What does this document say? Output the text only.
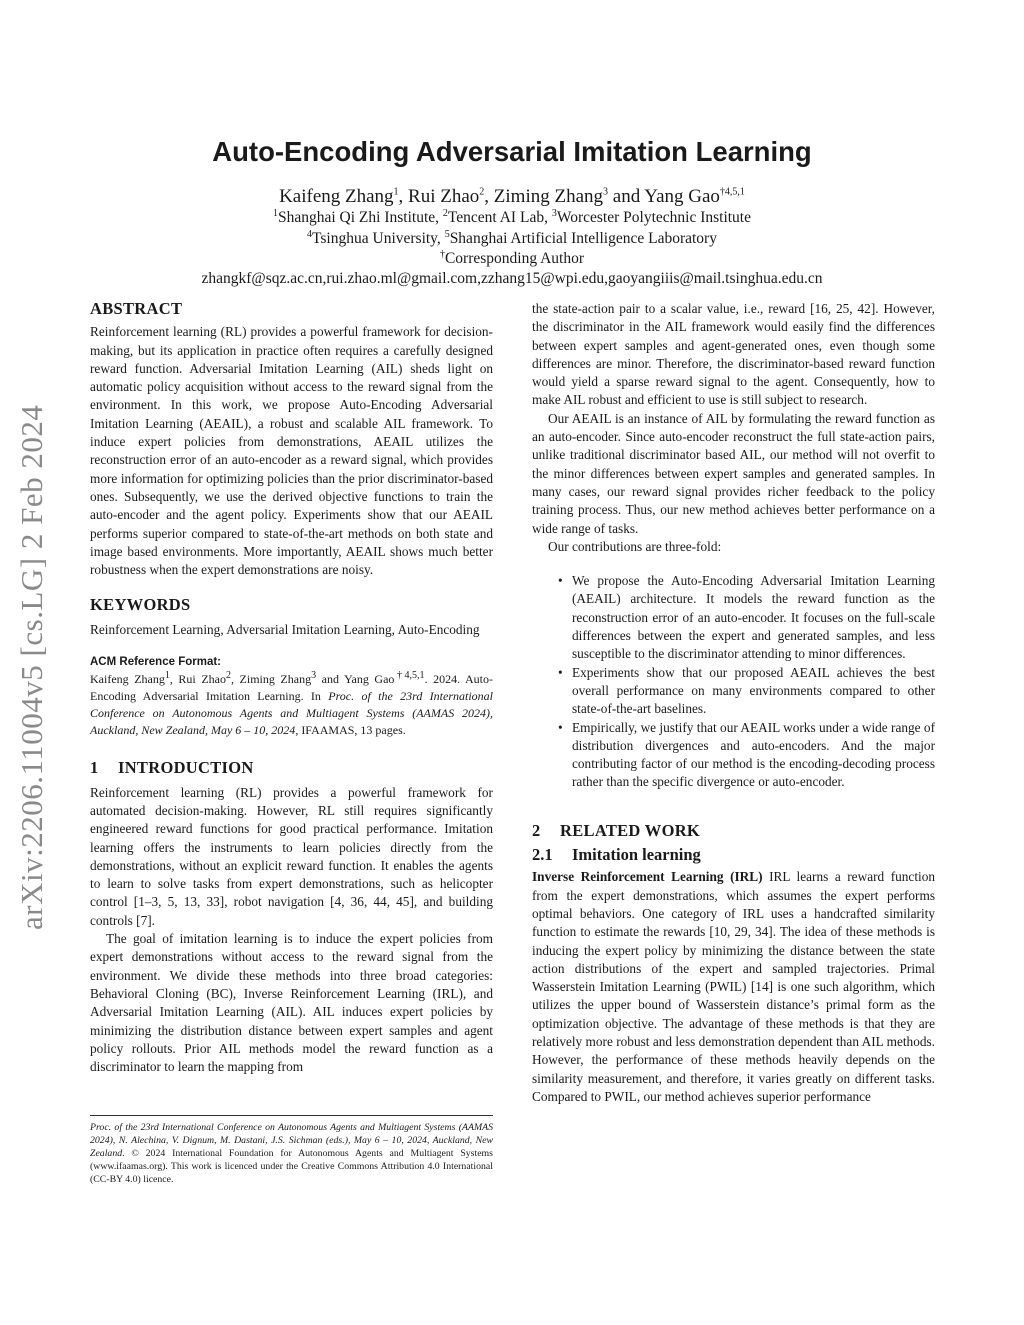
arXiv:2206.11004v5 [cs.LG] 2 Feb 2024
Auto-Encoding Adversarial Imitation Learning
Kaifeng Zhang$^1$, Rui Zhao$^2$, Ziming Zhang$^3$ and Yang Gao$^{\dagger 4,5,1}$
$^1$Shanghai Qi Zhi Institute, $^2$Tencent AI Lab, $^3$Worcester Polytechnic Institute
$^4$Tsinghua University, $^5$Shanghai Artificial Intelligence Laboratory
†Corresponding Author
zhangkf@sqz.ac.cn,rui.zhao.ml@gmail.com,zzhang15@wpi.edu,gaoyangiiis@mail.tsinghua.edu.cn
ABSTRACT

Reinforcement learning (RL) provides a powerful framework for decision-making, but its application in practice often requires a carefully designed reward function. Adversarial Imitation Learning (AIL) sheds light on automatic policy acquisition without access to the reward signal from the environment. In this work, we propose Auto-Encoding Adversarial Imitation Learning (AEAIL), a robust and scalable AIL framework. To induce expert policies from demonstrations, AEAIL utilizes the reconstruction error of an auto-encoder as a reward signal, which provides more information for optimizing policies than the prior discriminator-based ones. Subsequently, we use the derived objective functions to train the auto-encoder and the agent policy. Experiments show that our AEAIL performs superior compared to state-of-the-art methods on both state and image based environments. More importantly, AEAIL shows much better robustness when the expert demonstrations are noisy.

KEYWORDS

Reinforcement Learning, Adversarial Imitation Learning, Auto-Encoding

ACM Reference Format:

Kaifeng Zhang$^1$, Rui Zhao$^2$, Ziming Zhang$^3$ and Yang Gao$^{\dagger 4,5,1}$. 2024. Auto-Encoding Adversarial Imitation Learning. In Proc. of the 23rd International Conference on Autonomous Agents and Multiagent Systems (AAMAS 2024), Auckland, New Zealand, May 6 – 10, 2024, IFAAMAS, 13 pages.

1 INTRODUCTION

Reinforcement learning (RL) provides a powerful framework for automated decision-making. However, RL still requires significantly engineered reward functions for good practical performance. Imitation learning offers the instruments to learn policies directly from the demonstrations, without an explicit reward function. It enables the agents to learn to solve tasks from expert demonstrations, such as helicopter control [1–3, 5, 13, 33], robot navigation [4, 36, 44, 45], and building controls [7].

The goal of imitation learning is to induce the expert policies from expert demonstrations without access to the reward signal from the environment. We divide these methods into three broad categories: Behavioral Cloning (BC), Inverse Reinforcement Learning (IRL), and Adversarial Imitation Learning (AIL). AIL induces expert policies by minimizing the distribution distance between expert samples and agent policy rollouts. Prior AIL methods model the reward function as a discriminator to learn the mapping from

Proc. of the 23rd International Conference on Autonomous Agents and Multiagent Systems (AAMAS 2024), N. Alechina, V. Dignum, M. Dastani, J.S. Sichman (eds.), May 6 – 10, 2024, Auckland, New Zealand. © 2024 International Foundation for Autonomous Agents and Multiagent Systems (www.ifaamas.org). This work is licenced under the Creative Commons Attribution 4.0 International (CC-BY 4.0) licence.

the state-action pair to a scalar value, i.e., reward [16, 25, 42]. However, the discriminator in the AIL framework would easily find the differences between expert samples and agent-generated ones, even though some differences are minor. Therefore, the discriminator-based reward function would yield a sparse reward signal to the agent. Consequently, how to make AIL robust and efficient to use is still subject to research.

Our AEAIL is an instance of AIL by formulating the reward function as an auto-encoder. Since auto-encoder reconstruct the full state-action pairs, unlike traditional discriminator based AIL, our method will not overfit to the minor differences between expert samples and generated samples. In many cases, our reward signal provides richer feedback to the policy training process. Thus, our new method achieves better performance on a wide range of tasks.

Our contributions are three-fold:

• We propose the Auto-Encoding Adversarial Imitation Learning (AEAIL) architecture. It models the reward function as the reconstruction error of an auto-encoder. It focuses on the full-scale differences between the expert and generated samples, and less susceptible to the discriminator attending to minor differences.
• Experiments show that our proposed AEAIL achieves the best overall performance on many environments compared to other state-of-the-art baselines.
• Empirically, we justify that our AEAIL works under a wide range of distribution divergences and auto-encoders. And the major contributing factor of our method is the encoding-decoding process rather than the specific divergence or auto-encoder.
2 RELATED WORK
2.1 Imitation learning

Inverse Reinforcement Learning (IRL) IRL learns a reward function from the expert demonstrations, which assumes the expert performs optimal behaviors. One category of IRL uses a handcrafted similarity function to estimate the rewards [10, 29, 34]. The idea of these methods is inducing the expert policy by minimizing the distance between the state action distributions of the expert and sampled trajectories. Primal Wasserstein Imitation Learning (PWIL) [14] is one such algorithm, which utilizes the upper bound of Wasserstein distance’s primal form as the optimization objective. The advantage of these methods is that they are relatively more robust and less demonstration dependent than AIL methods. However, the performance of these methods heavily depends on the similarity measurement, and therefore, it varies greatly on different tasks. Compared to PWIL, our method achieves superior performance
